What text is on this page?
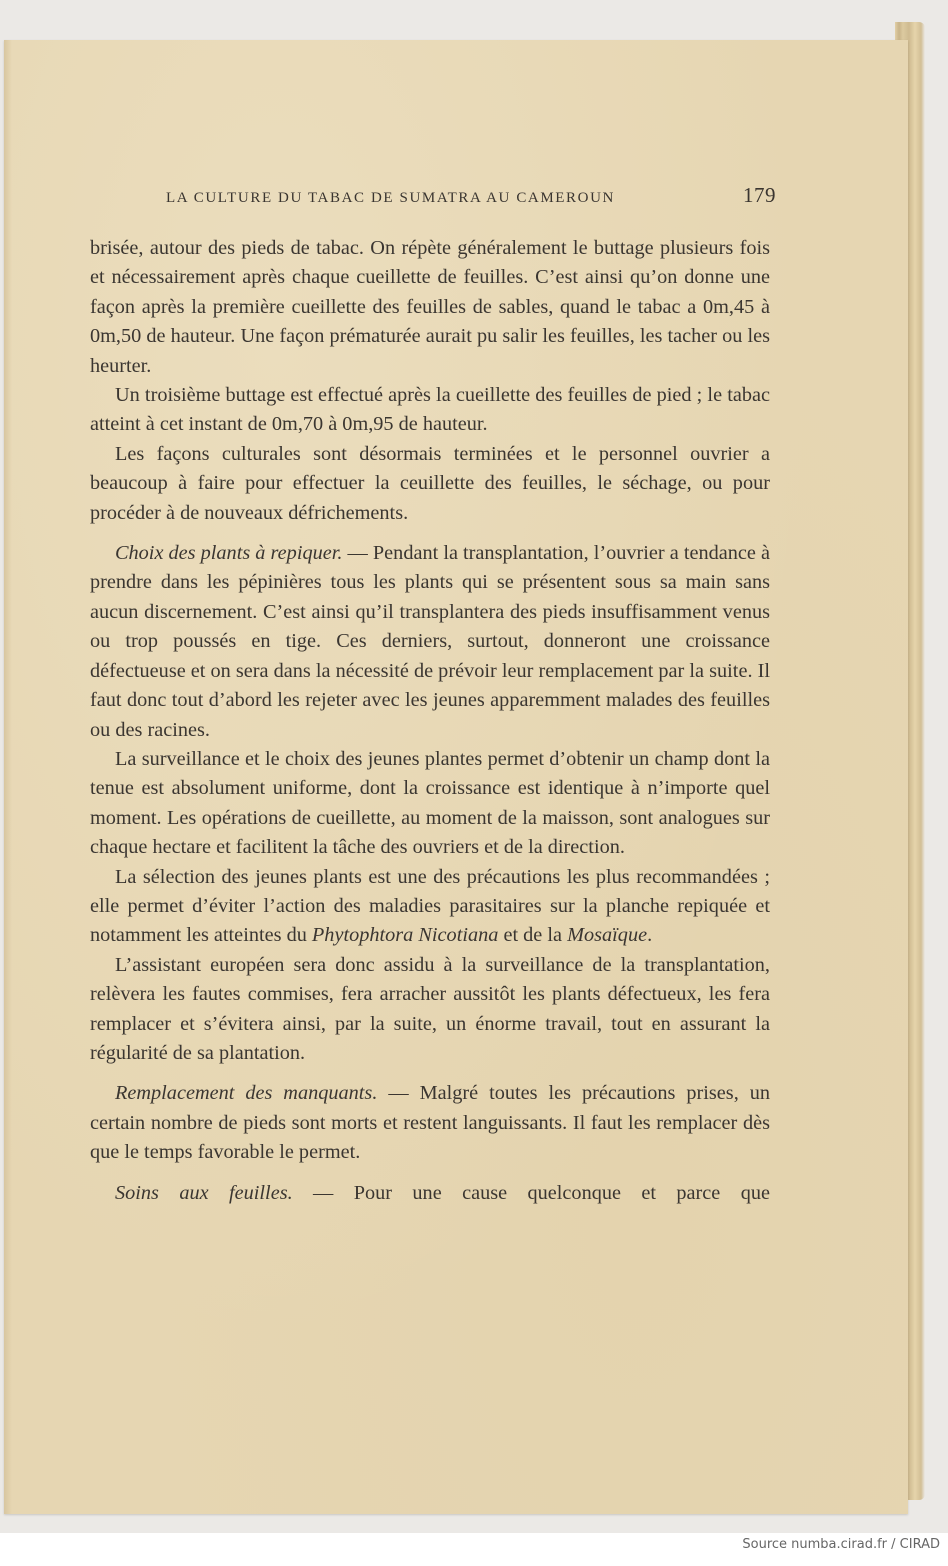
LA CULTURE DU TABAC DE SUMATRA AU CAMEROUN	179

brisée, autour des pieds de tabac. On répète généralement le buttage plusieurs fois et nécessairement après chaque cueillette de feuilles. C’est ainsi qu’on donne une façon après la première cueillette des feuilles de sables, quand le tabac a 0m,45 à 0m,50 de hauteur. Une façon prématurée aurait pu salir les feuilles, les tacher ou les heurter.

Un troisième buttage est effectué après la cueillette des feuilles de pied ; le tabac atteint à cet instant de 0m,70 à 0m,95 de hauteur.

Les façons culturales sont désormais terminées et le personnel ouvrier a beaucoup à faire pour effectuer la ceuillette des feuilles, le séchage, ou pour procéder à de nouveaux défrichements.

Choix des plants à repiquer. — Pendant la transplantation, l’ouvrier a tendance à prendre dans les pépinières tous les plants qui se présentent sous sa main sans aucun discernement. C’est ainsi qu’il transplantera des pieds insuffisamment venus ou trop poussés en tige. Ces derniers, surtout, donneront une croissance défectueuse et on sera dans la nécessité de prévoir leur remplacement par la suite. Il faut donc tout d’abord les rejeter avec les jeunes apparemment malades des feuilles ou des racines.

La surveillance et le choix des jeunes plantes permet d’obtenir un champ dont la tenue est absolument uniforme, dont la croissance est identique à n’importe quel moment. Les opérations de cueillette, au moment de la maisson, sont analogues sur chaque hectare et facilitent la tâche des ouvriers et de la direction.

La sélection des jeunes plants est une des précautions les plus recommandées ; elle permet d’éviter l’action des maladies parasitaires sur la planche repiquée et notamment les atteintes du Phytophtora Nicotiana et de la Mosaïque.

L’assistant européen sera donc assidu à la surveillance de la transplantation, relèvera les fautes commises, fera arracher aussitôt les plants défectueux, les fera remplacer et s’évitera ainsi, par la suite, un énorme travail, tout en assurant la régularité de sa plantation.

Remplacement des manquants. — Malgré toutes les précautions prises, un certain nombre de pieds sont morts et restent languissants. Il faut les remplacer dès que le temps favorable le permet.

Soins aux feuilles. — Pour une cause quelconque et parce que

Source numba.cirad.fr / CIRAD
